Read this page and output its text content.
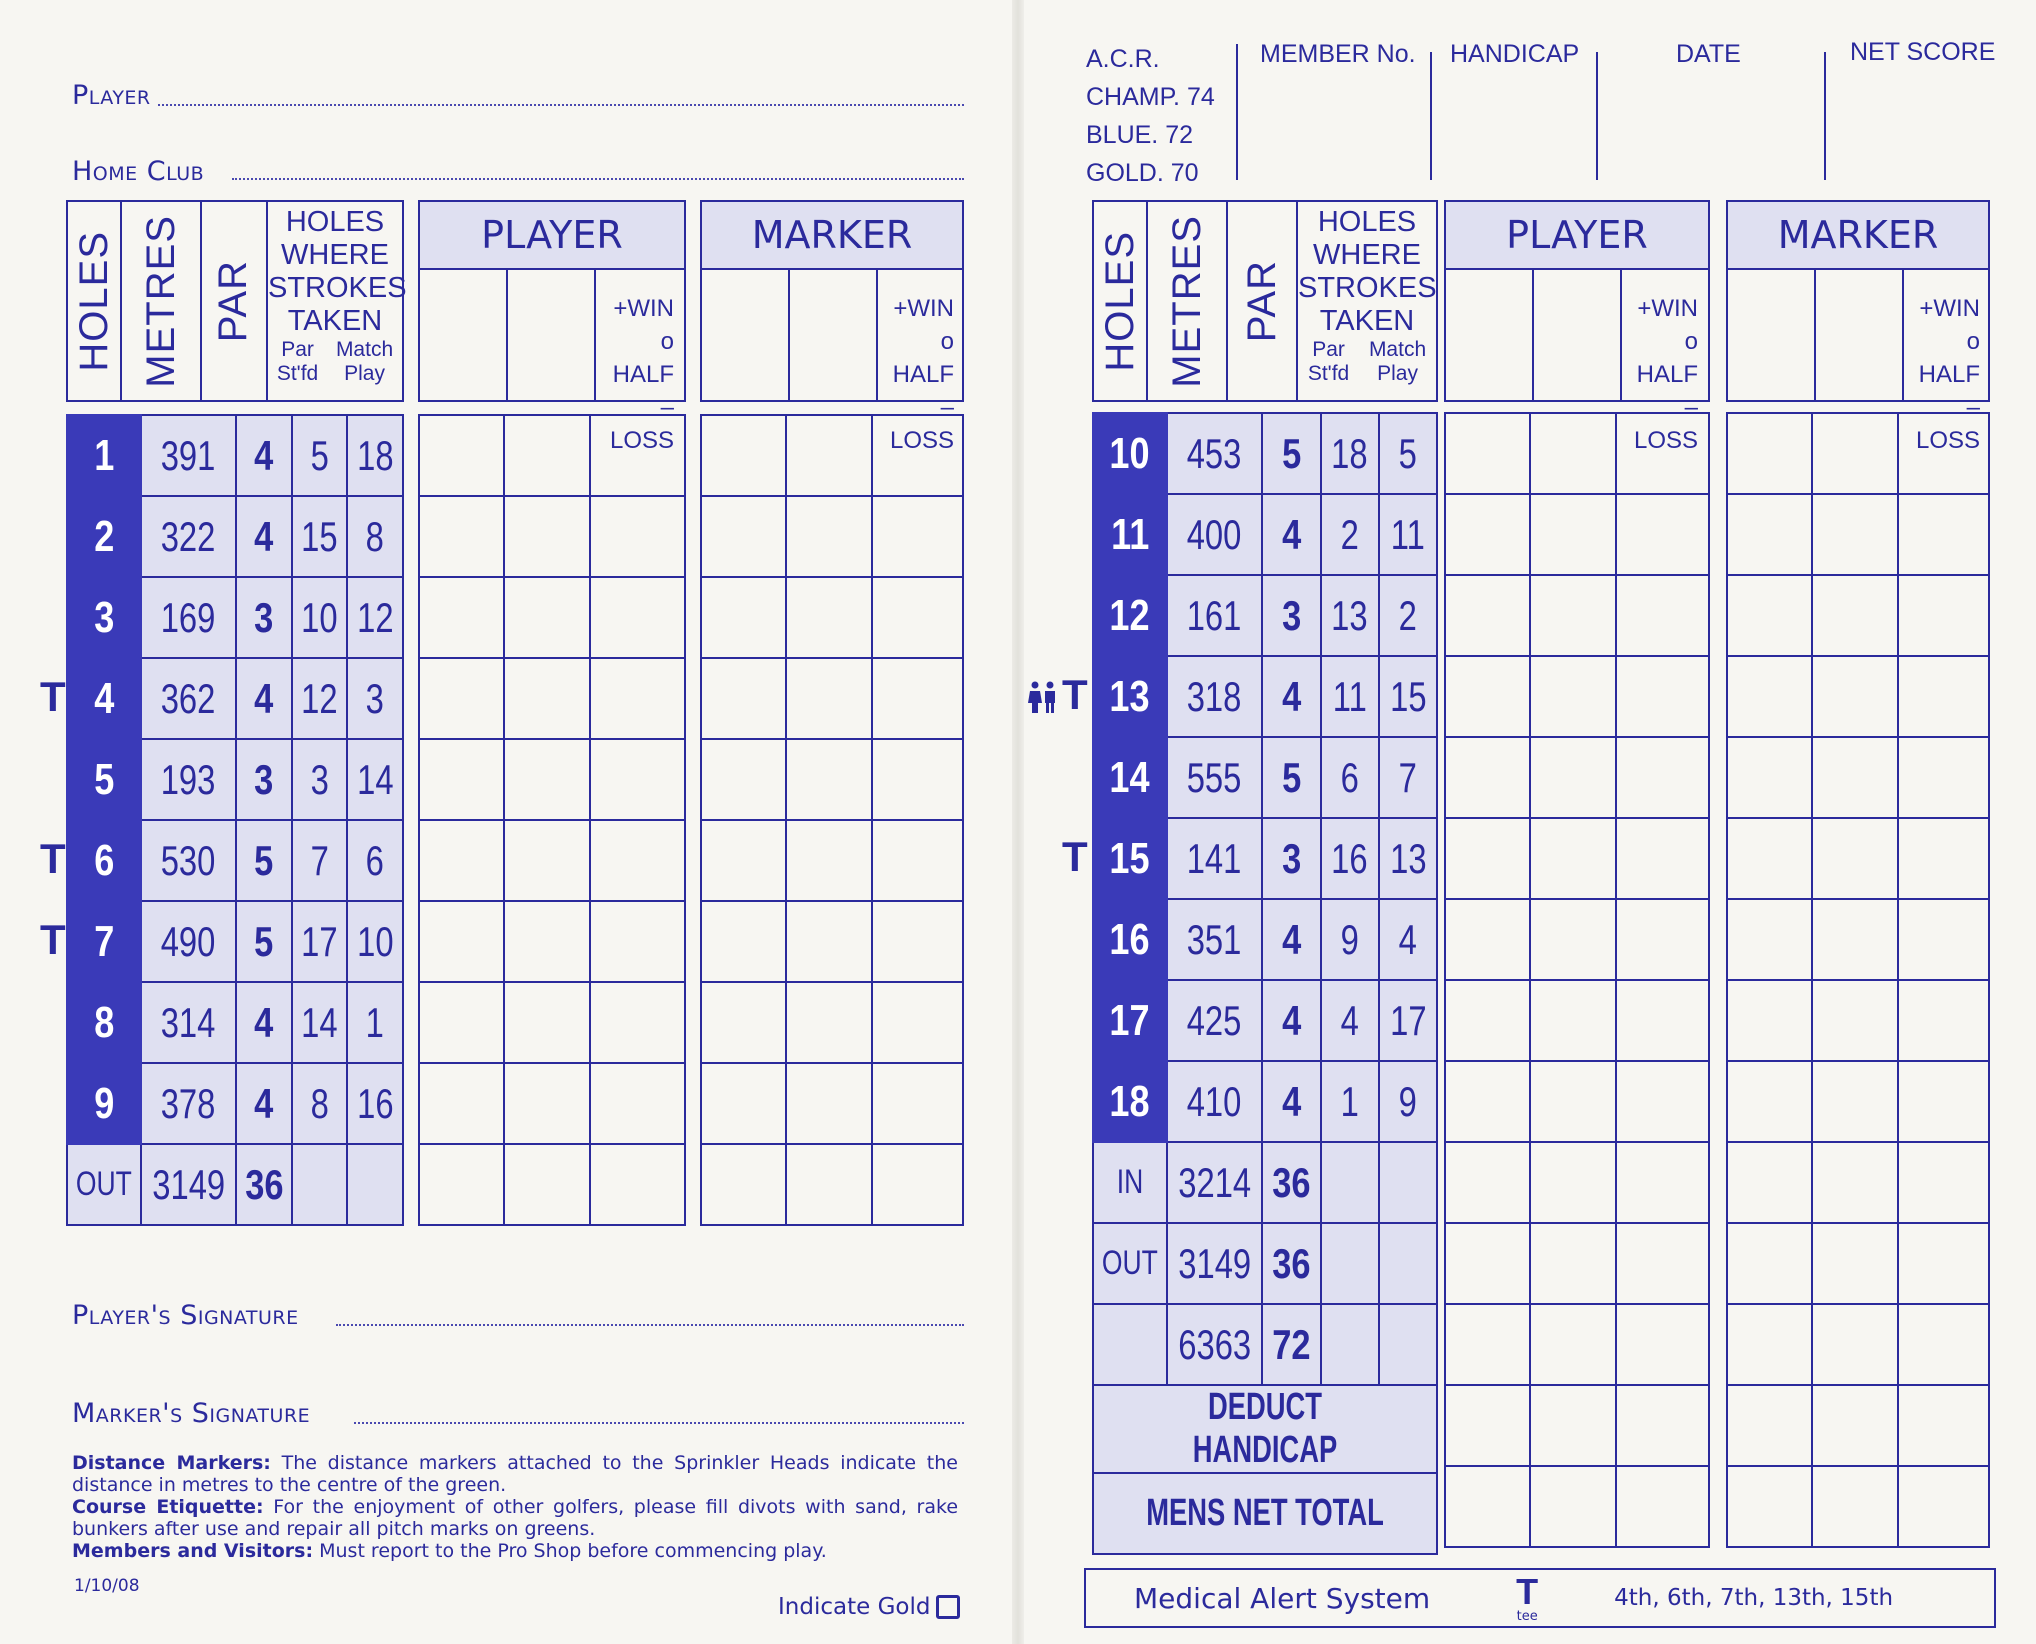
Player
Home Club
HOLES METRES PAR
HOLES
WHERE
STROKES
TAKEN
Par
St'fd
Match
Play
PLAYER
+WIN
o HALF
– LOSS
MARKER
+WIN
o HALF
– LOSS
1	391	4	5	18
2	322	4	15	8
3	169	3	10	12
4	362	4	12	3
5	193	3	3	14
6	530	5	7	6
7	490	5	17	10
8	314	4	14	1
9	378	4	8	16
OUT	3149	36		

T
T
T
Player's Signature
Marker's Signature
Distance Markers: The distance markers attached to the Sprinkler Heads indicate the distance in metres to the centre of the green.
Course Etiquette: For the enjoyment of other golfers, please fill divots with sand, rake bunkers after use and repair all pitch marks on greens.
Members and Visitors: Must report to the Pro Shop before commencing play.
1/10/08
Indicate Gold
A.C.R.
CHAMP. 74
BLUE. 72
GOLD. 70
MEMBER No. HANDICAP	DATE	NET SCORE
HOLES METRES PAR
HOLES
WHERE
STROKES
TAKEN
Par
St'fd
Match
Play
PLAYER
+WIN
o HALF
– LOSS
MARKER
+WIN
o HALF
– LOSS
10	453	5	18	5
11	400	4	2	11
12	161	3	13	2
13	318	4	11	15
14	555	5	6	7
15	141	3	16	13
16	351	4	9	4
17	425	4	4	17
18	410	4	1	9
IN	3214	36		
OUT	3149	36		
	6363	72		
DEDUCT HANDICAP				
MENS NET TOTAL				

T
T
Medical Alert System T
tee
4th, 6th, 7th, 13th, 15th
